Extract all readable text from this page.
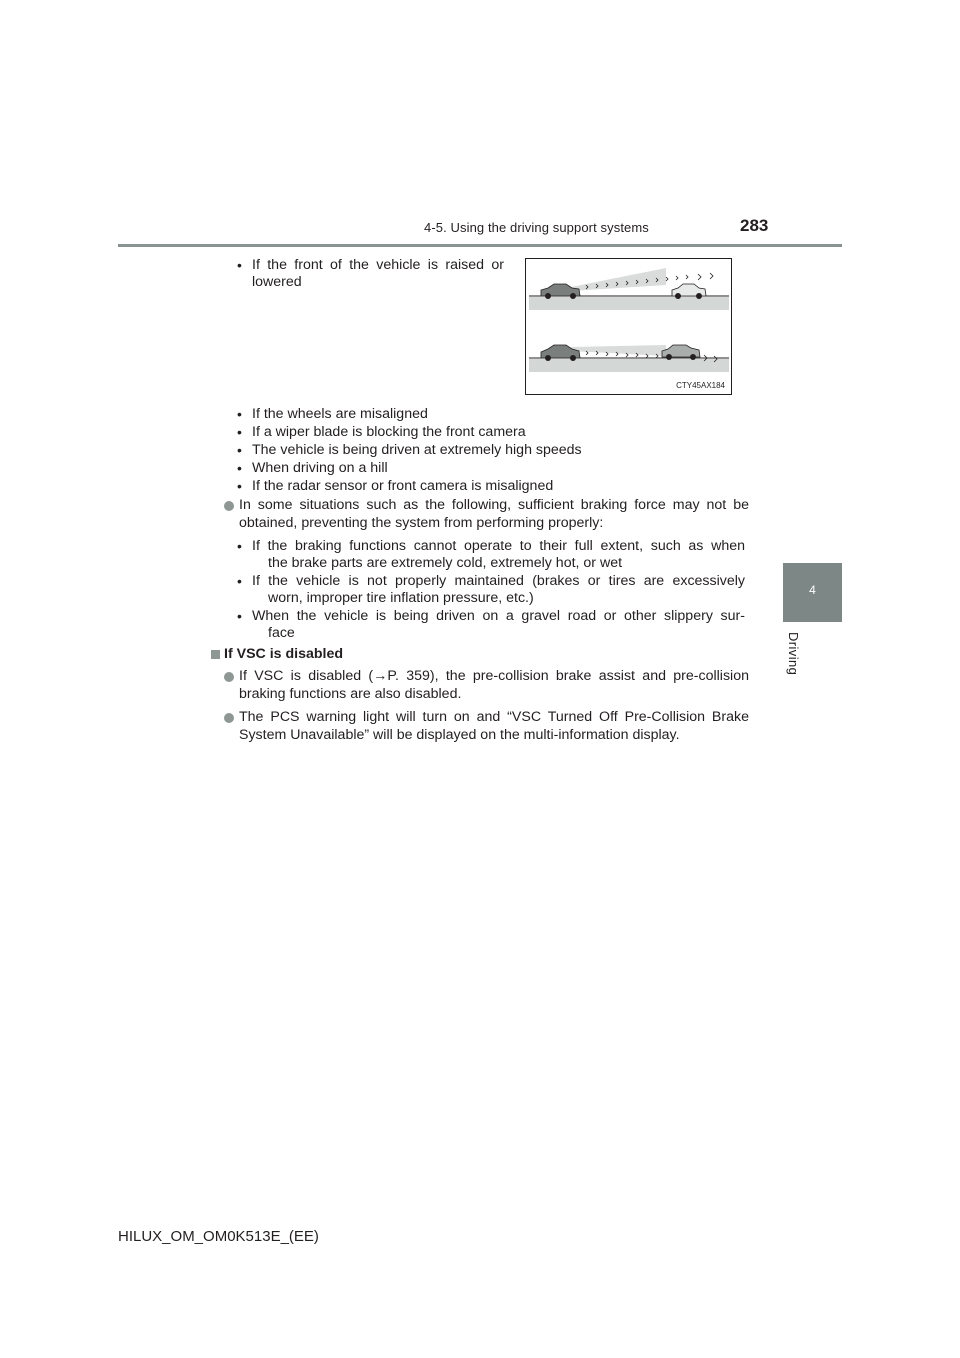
4-5. Using the driving support systems	283
4
Driving
• If the front of the vehicle is raised or
lowered
CTY45AX184
• If the wheels are misaligned
• If a wiper blade is blocking the front camera
• The vehicle is being driven at extremely high speeds
• When driving on a hill
• If the radar sensor or front camera is misaligned
In some situations such as the following, sufficient braking force may not be
obtained, preventing the system from performing properly:
• If the braking functions cannot operate to their full extent, such as when
the brake parts are extremely cold, extremely hot, or wet
• If the vehicle is not properly maintained (brakes or tires are excessively
worn, improper tire inflation pressure, etc.)
• When the vehicle is being driven on a gravel road or other slippery sur-
face
If VSC is disabled
If VSC is disabled (→P. 359), the pre-collision brake assist and pre-collision
braking functions are also disabled.
The PCS warning light will turn on and “VSC Turned Off Pre-Collision Brake
System Unavailable” will be displayed on the multi-information display.
HILUX_OM_OM0K513E_(EE)
